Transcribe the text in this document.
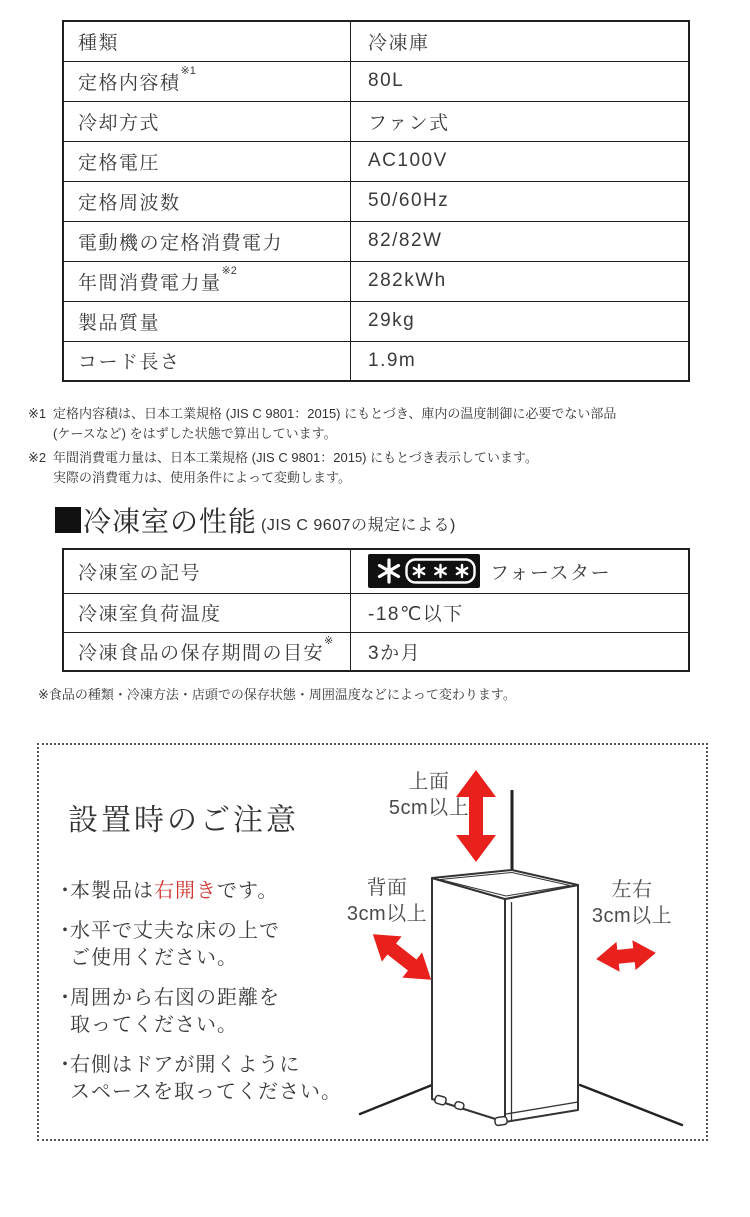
種類	冷凍庫
定格内容積$^{※1}$	80L
冷却方式	ファン式
定格電圧	AC100V
定格周波数	50/60Hz
電動機の定格消費電力	82/82W
年間消費電力量$^{※2}$	282kWh
製品質量	29kg
コード長さ	1.9m
※1 定格内容積は、日本工業規格 (JIS C 9801：2015) にもとづき、庫内の温度制御に必要でない部品
(ケースなど) をはずした状態で算出しています。
※2 年間消費電力量は、日本工業規格 (JIS C 9801：2015) にもとづき表示しています。
実際の消費電力は、使用条件によって変動します。
冷凍室の性能 (JIS C 9607の規定による)
冷凍室の記号	フォースター

冷凍室負荷温度	-18℃以下
冷凍食品の保存期間の目安※	3か月
※食品の種類・冷凍方法・店頭での保存状態・周囲温度などによって変わります。
設置時のご注意
・
本製品は右開きです。
・
水平で丈夫な床の上で
ご使用ください。
・
周囲から右図の距離を
取ってください。
・
右側はドアが開くように
スペースを取ってください。
上面
5cm以上
背面
3cm以上
左右
3cm以上
